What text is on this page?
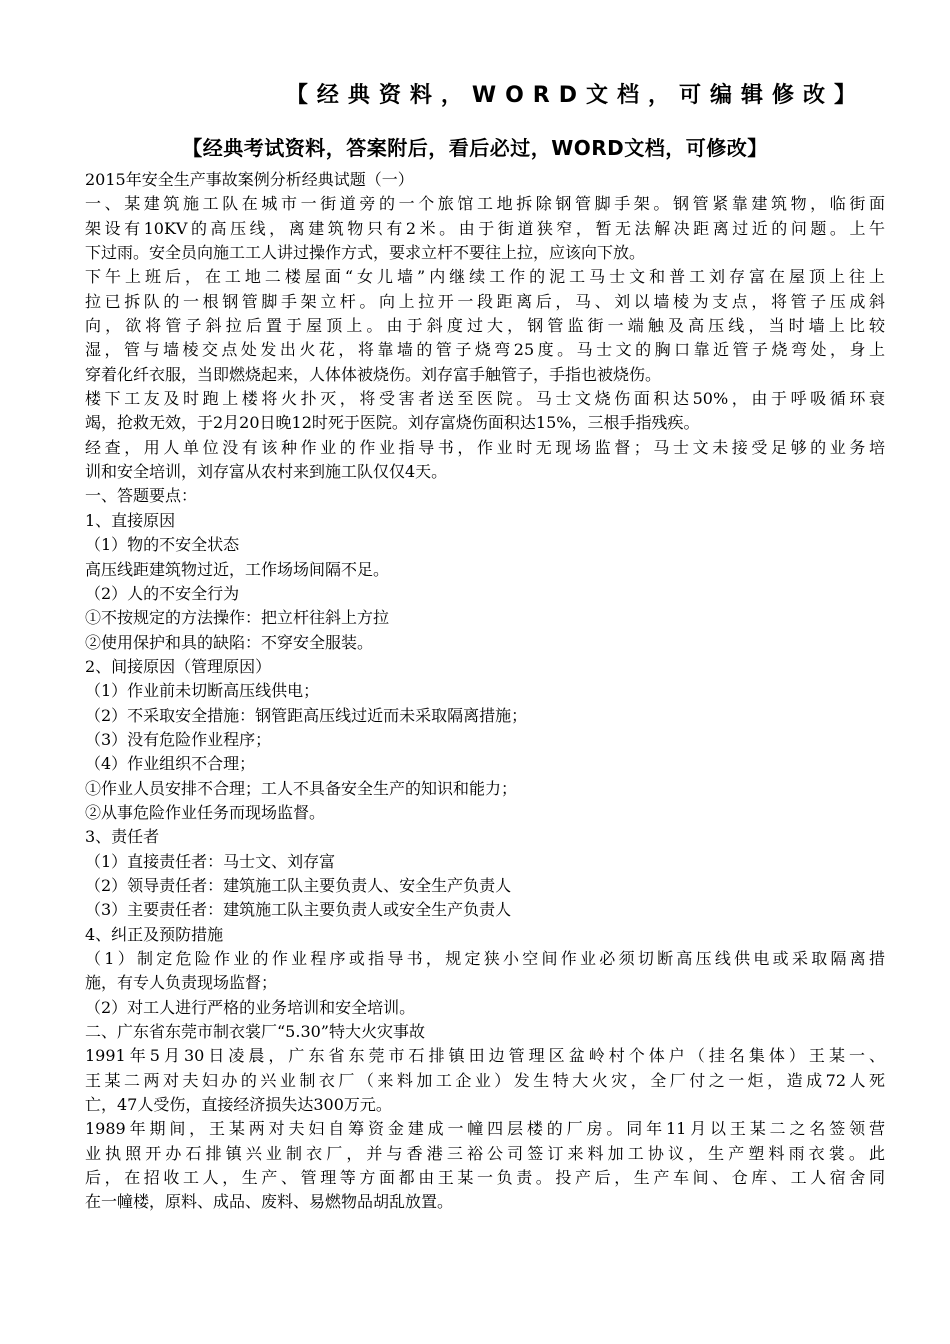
【经典资料，WORD文档，可编辑修改】
【经典考试资料，答案附后，看后必过，WORD文档，可修改】
2015年安全生产事故案例分析经典试题（一）
一、某建筑施工队在城市一街道旁的一个旅馆工地拆除钢管脚手架。钢管紧靠建筑物，临街面
架设有10KV的高压线，离建筑物只有2米。由于街道狭窄，暂无法解决距离过近的问题。上午
下过雨。安全员向施工工人讲过操作方式，要求立杆不要往上拉，应该向下放。
下午上班后，在工地二楼屋面“女儿墙”内继续工作的泥工马士文和普工刘存富在屋顶上往上
拉已拆队的一根钢管脚手架立杆。向上拉开一段距离后，马、刘以墙棱为支点，将管子压成斜
向，欲将管子斜拉后置于屋顶上。由于斜度过大，钢管监街一端触及高压线，当时墙上比较
湿，管与墙棱交点处发出火花，将靠墙的管子烧弯25度。马士文的胸口靠近管子烧弯处，身上
穿着化纤衣服，当即燃烧起来，人体体被烧伤。刘存富手触管子，手指也被烧伤。
楼下工友及时跑上楼将火扑灭，将受害者送至医院。马士文烧伤面积达50%，由于呼吸循环衰
竭，抢救无效，于2月20日晚12时死于医院。刘存富烧伤面积达15%，三根手指残疾。
经查，用人单位没有该种作业的作业指导书，作业时无现场监督；马士文未接受足够的业务培
训和安全培训，刘存富从农村来到施工队仅仅4天。
一、答题要点：
1、直接原因
（1）物的不安全状态
高压线距建筑物过近，工作场场间隔不足。
（2）人的不安全行为
①不按规定的方法操作：把立杆往斜上方拉
②使用保护和具的缺陷：不穿安全服装。
2、间接原因（管理原因）
（1）作业前未切断高压线供电；
（2）不采取安全措施：钢管距高压线过近而未采取隔离措施；
（3）没有危险作业程序；
（4）作业组织不合理；
①作业人员安排不合理；工人不具备安全生产的知识和能力；
②从事危险作业任务而现场监督。
3、责任者
（1）直接责任者：马士文、刘存富
（2）领导责任者：建筑施工队主要负责人、安全生产负责人
（3）主要责任者：建筑施工队主要负责人或安全生产负责人
4、纠正及预防措施
（1）制定危险作业的作业程序或指导书，规定狭小空间作业必须切断高压线供电或采取隔离措
施，有专人负责现场监督；
（2）对工人进行严格的业务培训和安全培训。
二、广东省东莞市制衣裳厂“5.30”特大火灾事故
1991年5月30日凌晨，广东省东莞市石排镇田边管理区盆岭村个体户（挂名集体）王某一、
王某二两对夫妇办的兴业制衣厂（来料加工企业）发生特大火灾，全厂付之一炬，造成72人死
亡，47人受伤，直接经济损失达300万元。
1989年期间，王某两对夫妇自筹资金建成一幢四层楼的厂房。同年11月以王某二之名签领营
业执照开办石排镇兴业制衣厂，并与香港三裕公司签订来料加工协议，生产塑料雨衣裳。此
后，在招收工人，生产、管理等方面都由王某一负责。投产后，生产车间、仓库、工人宿舍同
在一幢楼，原料、成品、废料、易燃物品胡乱放置。
